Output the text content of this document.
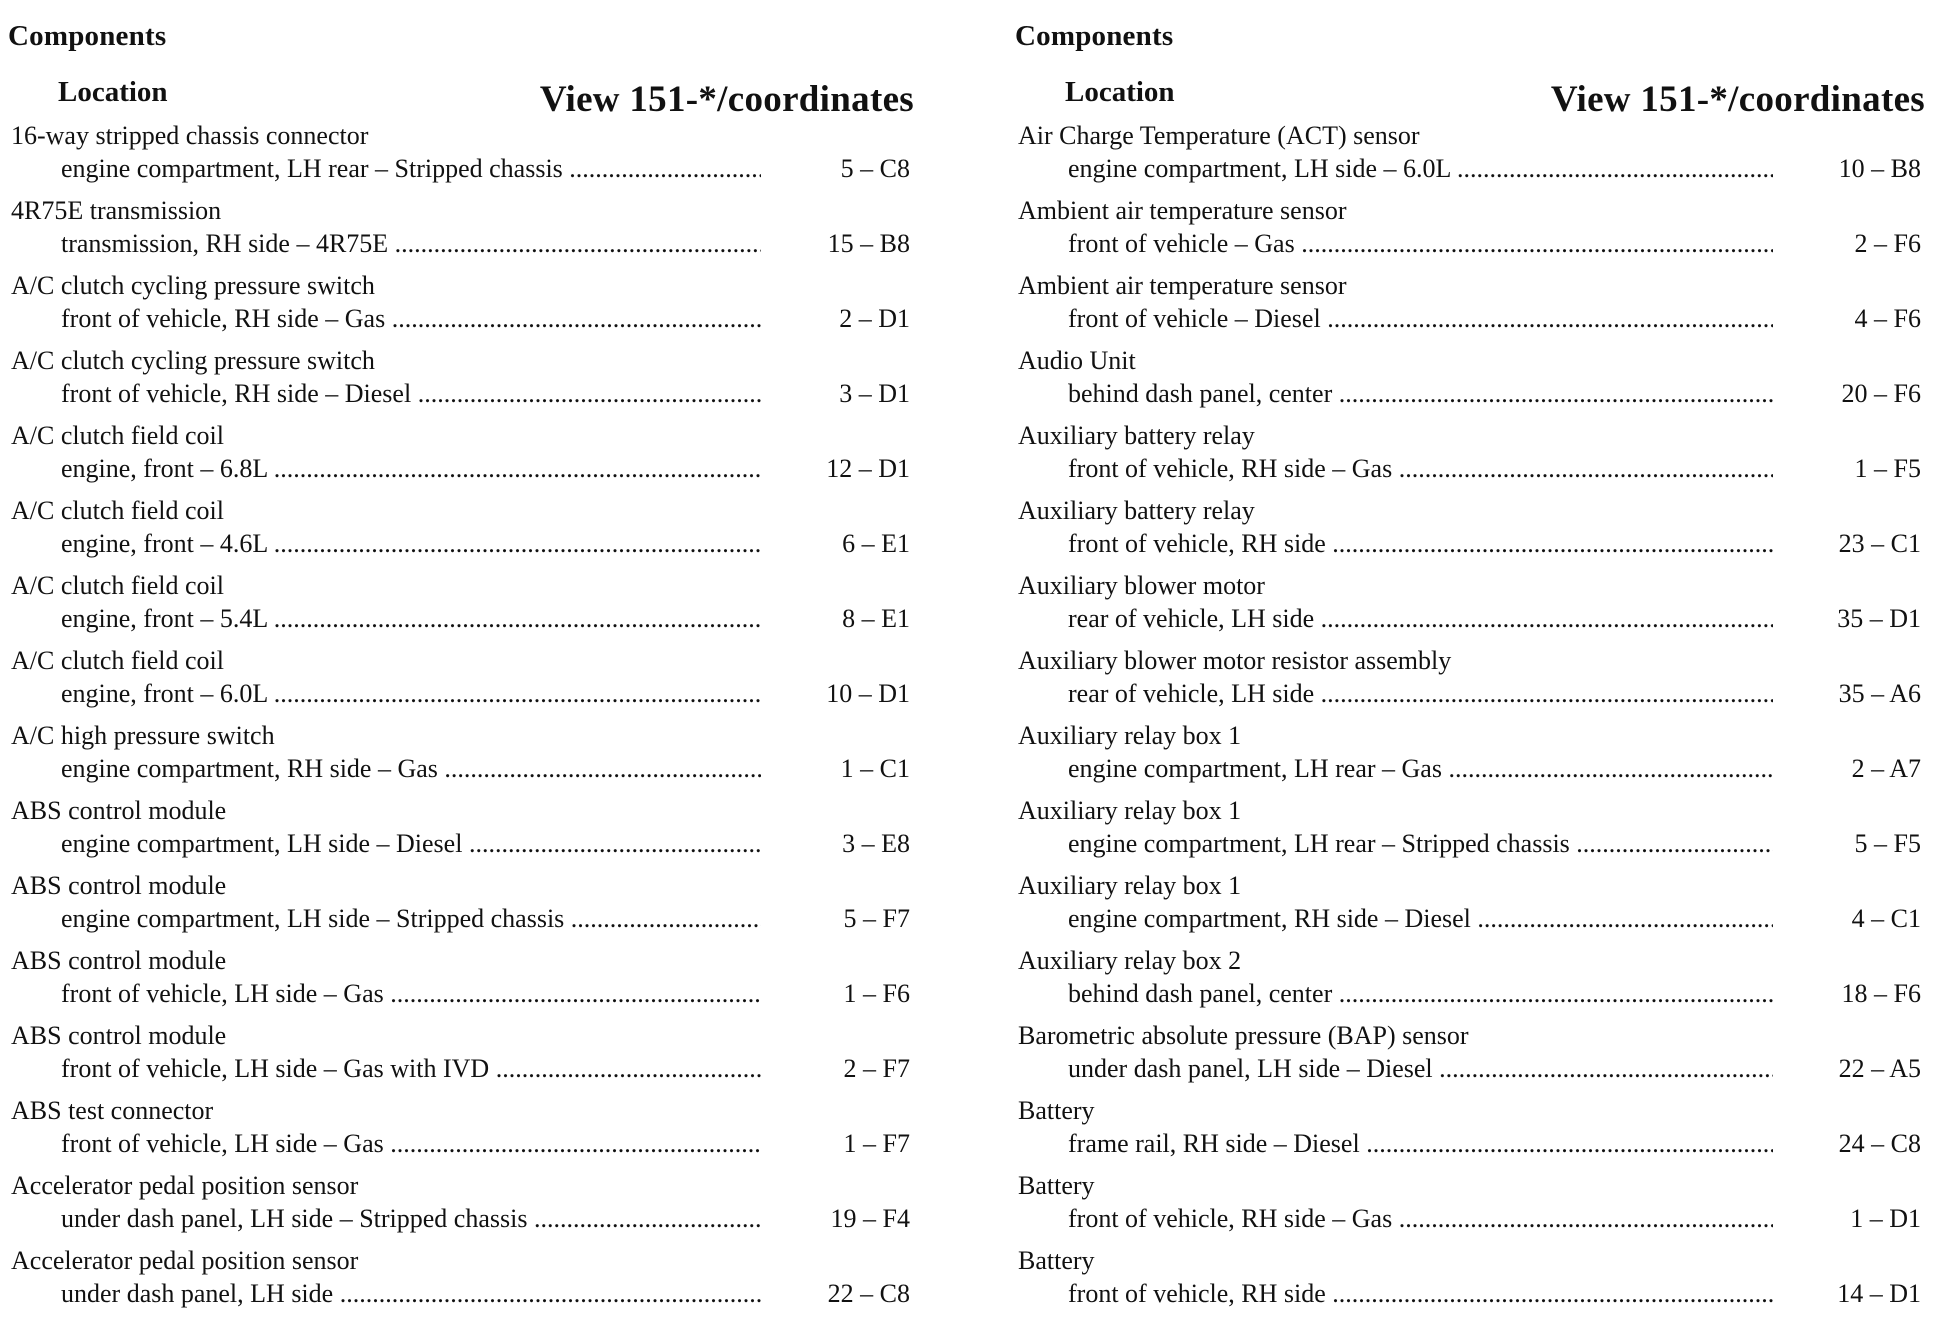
Components
Location	View 151-*/coordinates
16-way stripped chassis connector
engine compartment, LH rear – Stripped chassis .....	5 – C8
4R75E transmission
transmission, RH side – 4R75E .....	15 – B8
A/C clutch cycling pressure switch
front of vehicle, RH side – Gas .....	2 – D1
A/C clutch cycling pressure switch
front of vehicle, RH side – Diesel .....	3 – D1
A/C clutch field coil
engine, front – 6.8L .....	12 – D1
A/C clutch field coil
engine, front – 4.6L .....	6 – E1
A/C clutch field coil
engine, front – 5.4L .....	8 – E1
A/C clutch field coil
engine, front – 6.0L .....	10 – D1
A/C high pressure switch
engine compartment, RH side – Gas .....	1 – C1
ABS control module
engine compartment, LH side – Diesel .....	3 – E8
ABS control module
engine compartment, LH side – Stripped chassis .....	5 – F7
ABS control module
front of vehicle, LH side – Gas .....	1 – F6
ABS control module
front of vehicle, LH side – Gas with IVD .....	2 – F7
ABS test connector
front of vehicle, LH side – Gas .....	1 – F7
Accelerator pedal position sensor
under dash panel, LH side – Stripped chassis .....	19 – F4
Accelerator pedal position sensor
under dash panel, LH side .....	22 – C8
Components
Location	View 151-*/coordinates
Air Charge Temperature (ACT) sensor
engine compartment, LH side – 6.0L .....	10 – B8
Ambient air temperature sensor
front of vehicle – Gas .....	2 – F6
Ambient air temperature sensor
front of vehicle – Diesel .....	4 – F6
Audio Unit
behind dash panel, center .....	20 – F6
Auxiliary battery relay
front of vehicle, RH side – Gas .....	1 – F5
Auxiliary battery relay
front of vehicle, RH side .....	23 – C1
Auxiliary blower motor
rear of vehicle, LH side .....	35 – D1
Auxiliary blower motor resistor assembly
rear of vehicle, LH side .....	35 – A6
Auxiliary relay box 1
engine compartment, LH rear – Gas .....	2 – A7
Auxiliary relay box 1
engine compartment, LH rear – Stripped chassis .....	5 – F5
Auxiliary relay box 1
engine compartment, RH side – Diesel .....	4 – C1
Auxiliary relay box 2
behind dash panel, center .....	18 – F6
Barometric absolute pressure (BAP) sensor
under dash panel, LH side – Diesel .....	22 – A5
Battery
frame rail, RH side – Diesel .....	24 – C8
Battery
front of vehicle, RH side – Gas .....	1 – D1
Battery
front of vehicle, RH side .....	14 – D1
